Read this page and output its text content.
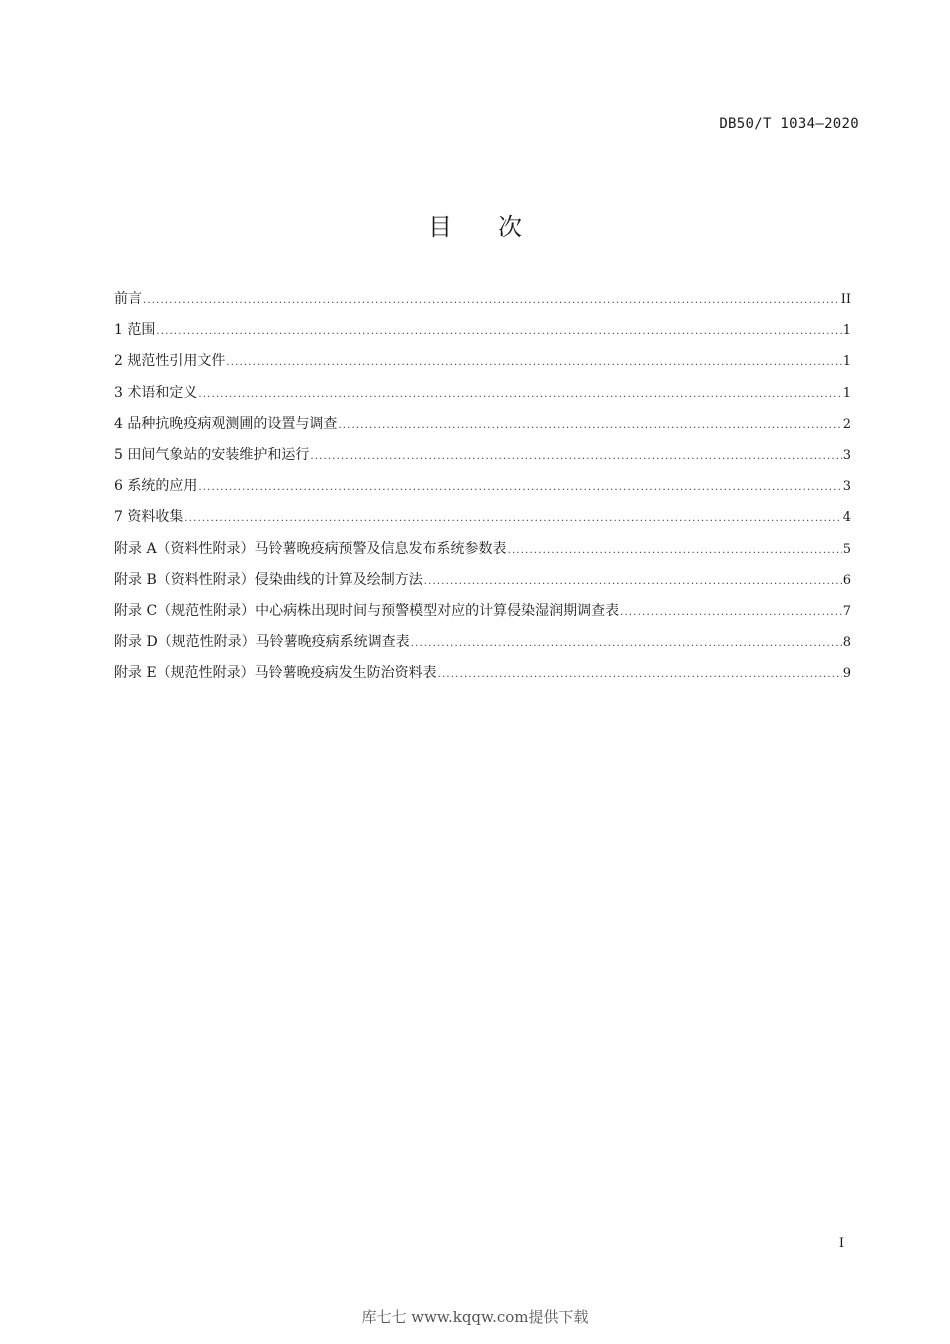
DB50/T 1034—2020
目次
前言 .....	II
1 范围 .....	1
2 规范性引用文件 .....	1
3 术语和定义 .....	1
4 品种抗晚疫病观测圃的设置与调查 .....	2
5 田间气象站的安装维护和运行 .....	3
6 系统的应用 .....	3
7 资料收集 .....	4
附录 A（资料性附录）马铃薯晚疫病预警及信息发布系统参数表 .....	5
附录 B（资料性附录）侵染曲线的计算及绘制方法 .....	6
附录 C（规范性附录）中心病株出现时间与预警模型对应的计算侵染湿润期调查表 .....	7
附录 D（规范性附录）马铃薯晚疫病系统调查表 .....	8
附录 E（规范性附录）马铃薯晚疫病发生防治资料表 .....	9
I
库七七 www.kqqw.com提供下载
